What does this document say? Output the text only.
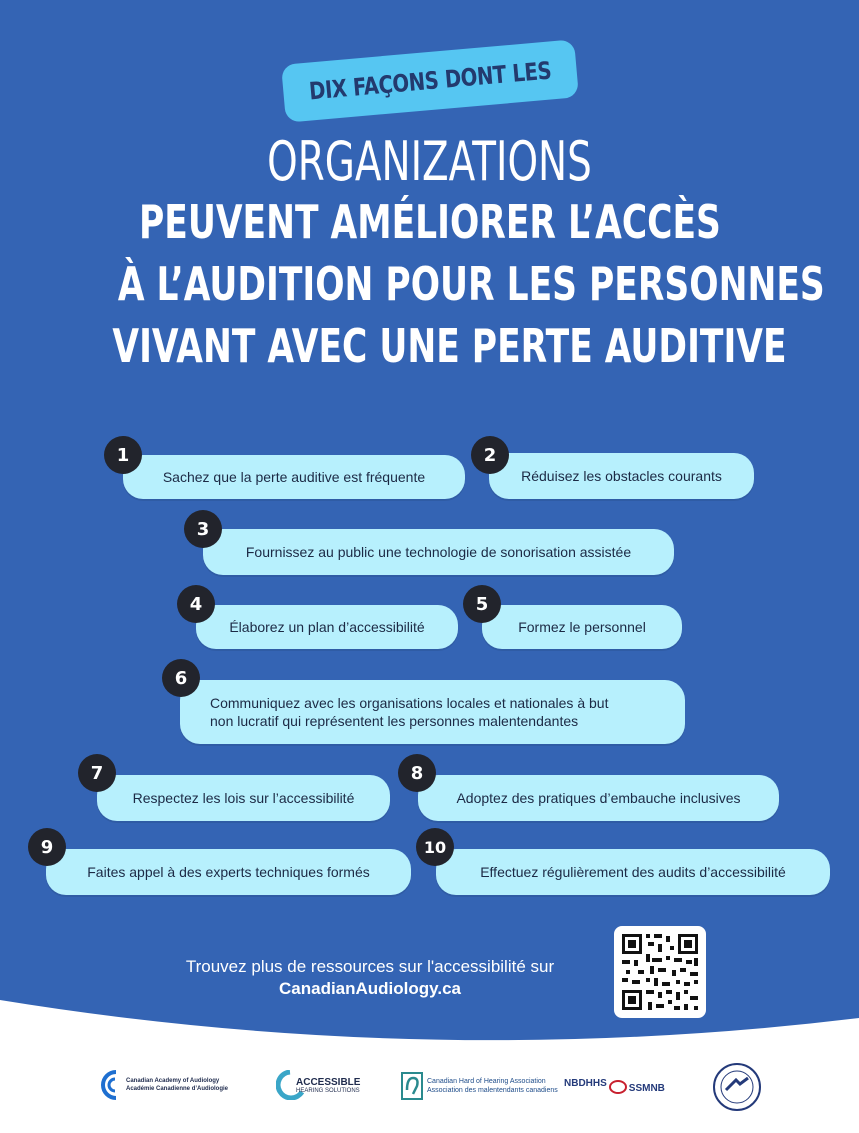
DIX FAÇONS DONT LES
ORGANIZATIONS
PEUVENT AMÉLIORER L’ACCÈS
À L’AUDITION POUR LES PERSONNES
VIVANT AVEC UNE PERTE AUDITIVE
Sachez que la perte auditive est fréquente
1
Réduisez les obstacles courants
2
Fournissez au public une technologie de sonorisation assistée
3
Élaborez un plan d’accessibilité
4
Formez le personnel
5
Communiquez avec les organisations locales et nationales à but
non lucratif qui représentent les personnes malentendantes
6
Respectez les lois sur l’accessibilité
7
Adoptez des pratiques d’embauche inclusives
8
Faites appel à des experts techniques formés
9
Effectuez régulièrement des audits d’accessibilité
10
Trouvez plus de ressources sur l'accessibilité sur
CanadianAudiology.ca
Canadian Academy of Audiology
Académie Canadienne d’Audiologie
ACCESSIBLE
HEARING SOLUTIONS
Canadian Hard of Hearing Association
Association des malentendants canadiens
NBDHHS SSMNB
